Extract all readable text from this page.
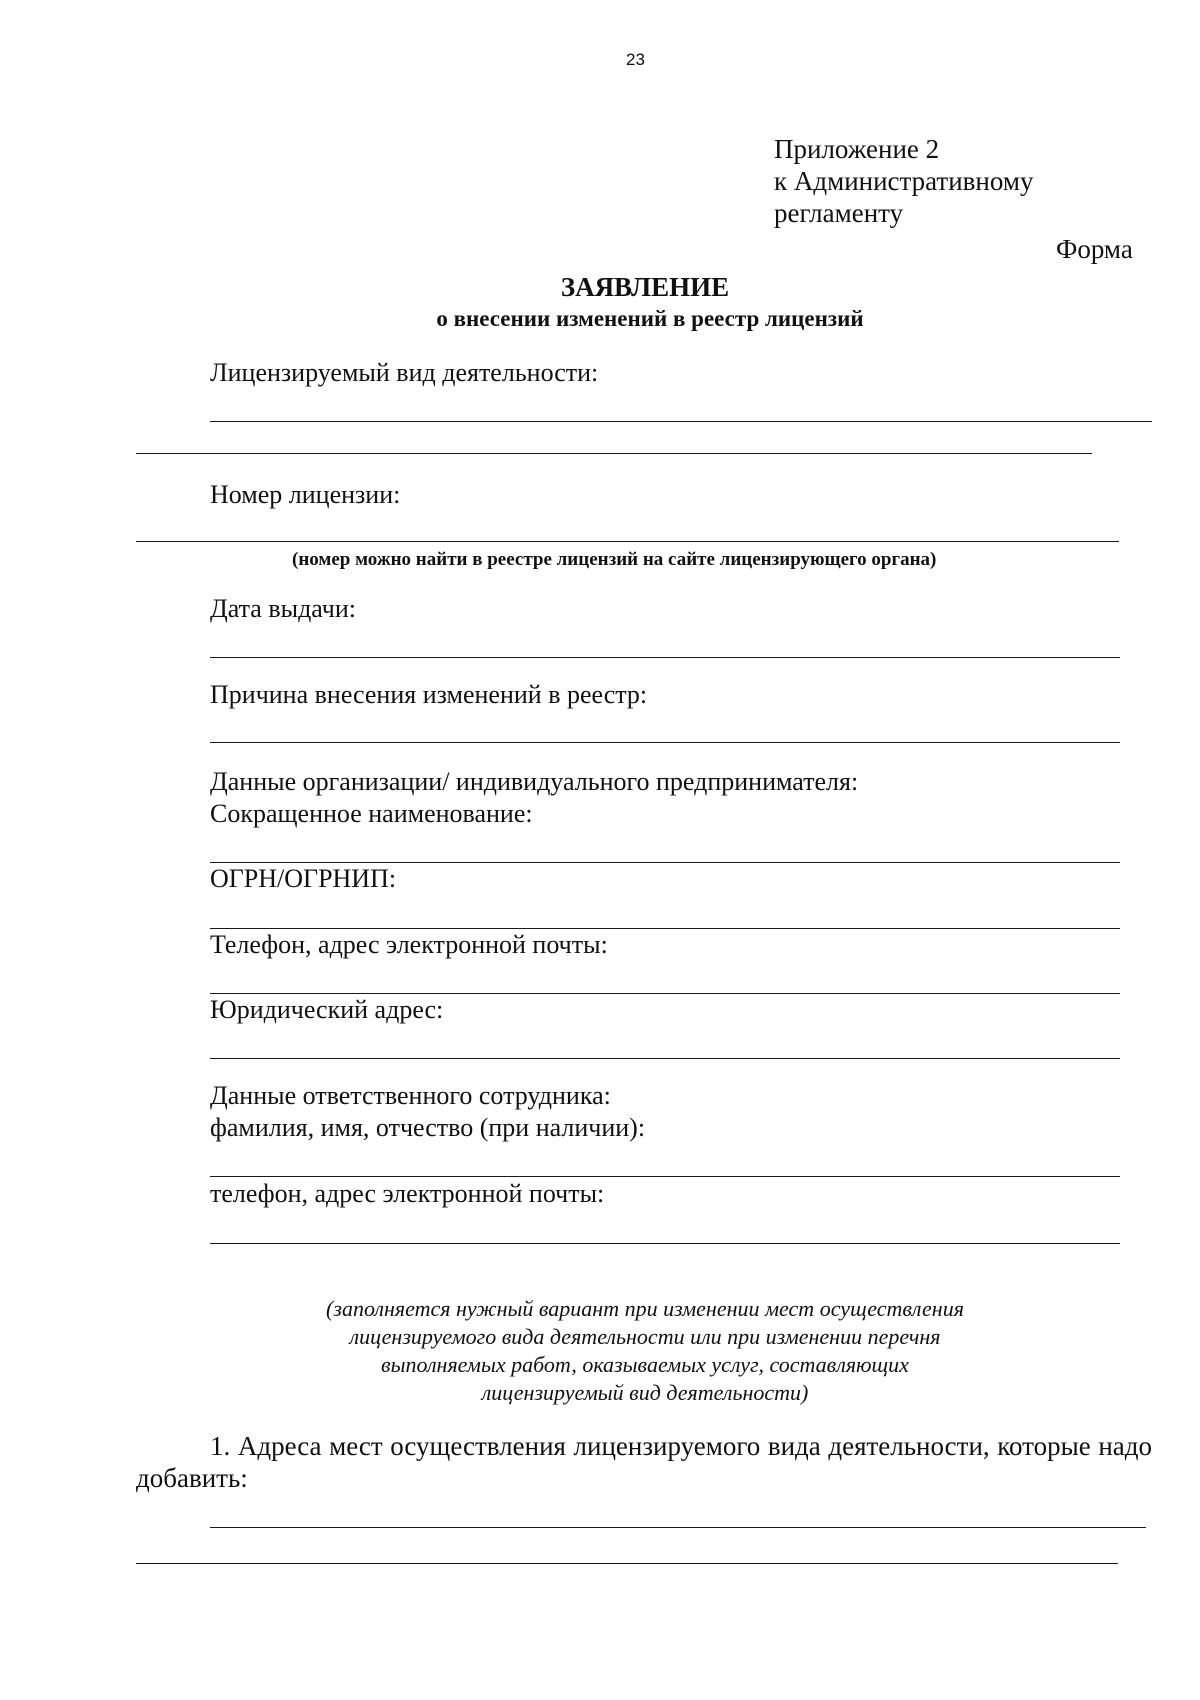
23
Приложение 2
к Административному
регламенту
Форма
ЗАЯВЛЕНИЕ
о внесении изменений в реестр лицензий
Лицензируемый вид деятельности:
Номер лицензии:
(номер можно найти в реестре лицензий на сайте лицензирующего органа)
Дата выдачи:
Причина внесения изменений в реестр:
Данные организации/ индивидуального предпринимателя:
Сокращенное наименование:
ОГРН/ОГРНИП:
Телефон, адрес электронной почты:
Юридический адрес:
Данные ответственного сотрудника:
фамилия, имя, отчество (при наличии):
телефон, адрес электронной почты:
(заполняется нужный вариант при изменении мест осуществления
лицензируемого вида деятельности или при изменении перечня
выполняемых работ, оказываемых услуг, составляющих
лицензируемый вид деятельности)
1. Адреса мест осуществления лицензируемого вида деятельности, которые надо добавить:
